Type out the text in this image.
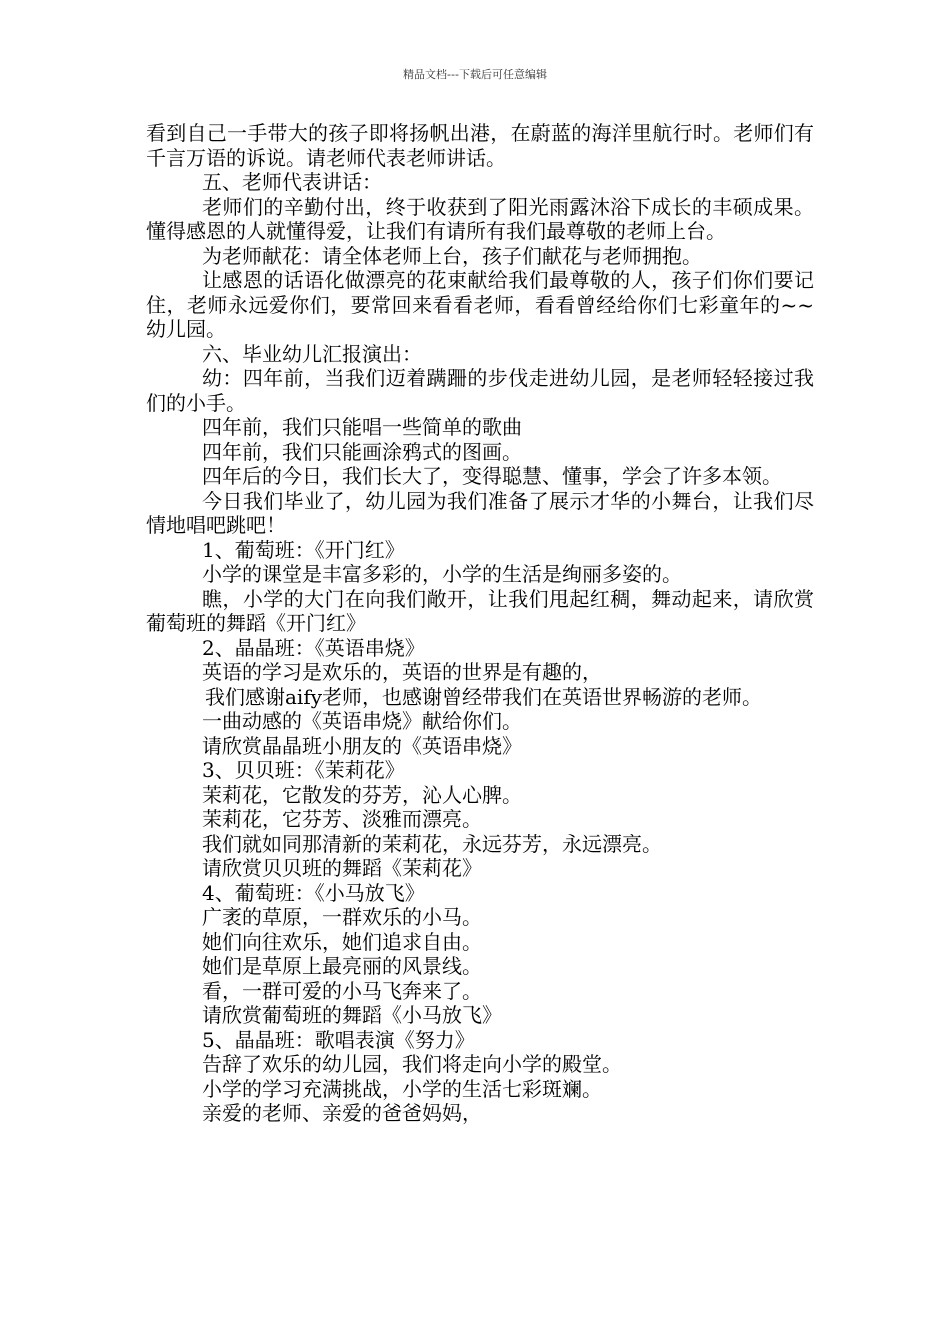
精品文档---下载后可任意编辑

看到自己一手带大的孩子即将扬帆出港，在蔚蓝的海洋里航行时。老师们有千言万语的诉说。请老师代表老师讲话。

五、老师代表讲话：

老师们的辛勤付出，终于收获到了阳光雨露沐浴下成长的丰硕成果。懂得感恩的人就懂得爱，让我们有请所有我们最尊敬的老师上台。

为老师献花：请全体老师上台，孩子们献花与老师拥抱。

让感恩的话语化做漂亮的花束献给我们最尊敬的人，孩子们你们要记住，老师永远爱你们，要常回来看看老师，看看曾经给你们七彩童年的~~幼儿园。

六、毕业幼儿汇报演出：

幼：四年前，当我们迈着蹒跚的步伐走进幼儿园，是老师轻轻接过我们的小手。

四年前，我们只能唱一些简单的歌曲

四年前，我们只能画涂鸦式的图画。

四年后的今日，我们长大了，变得聪慧、懂事，学会了许多本领。

今日我们毕业了，幼儿园为我们准备了展示才华的小舞台，让我们尽情地唱吧跳吧！

1、葡萄班：《开门红》

小学的课堂是丰富多彩的，小学的生活是绚丽多姿的。

瞧，小学的大门在向我们敞开，让我们甩起红稠，舞动起来，请欣赏葡萄班的舞蹈《开门红》

2、晶晶班：《英语串烧》

英语的学习是欢乐的，英语的世界是有趣的，

我们感谢aify老师，也感谢曾经带我们在英语世界畅游的老师。

一曲动感的《英语串烧》献给你们。

请欣赏晶晶班小朋友的《英语串烧》

3、贝贝班：《茉莉花》

茉莉花，它散发的芬芳，沁人心脾。

茉莉花，它芬芳、淡雅而漂亮。

我们就如同那清新的茉莉花，永远芬芳，永远漂亮。

请欣赏贝贝班的舞蹈《茉莉花》

4、葡萄班：《小马放飞》

广袤的草原，一群欢乐的小马。

她们向往欢乐，她们追求自由。

她们是草原上最亮丽的风景线。

看，一群可爱的小马飞奔来了。

请欣赏葡萄班的舞蹈《小马放飞》

5、晶晶班：歌唱表演《努力》

告辞了欢乐的幼儿园，我们将走向小学的殿堂。

小学的学习充满挑战，小学的生活七彩斑斓。

亲爱的老师、亲爱的爸爸妈妈，
